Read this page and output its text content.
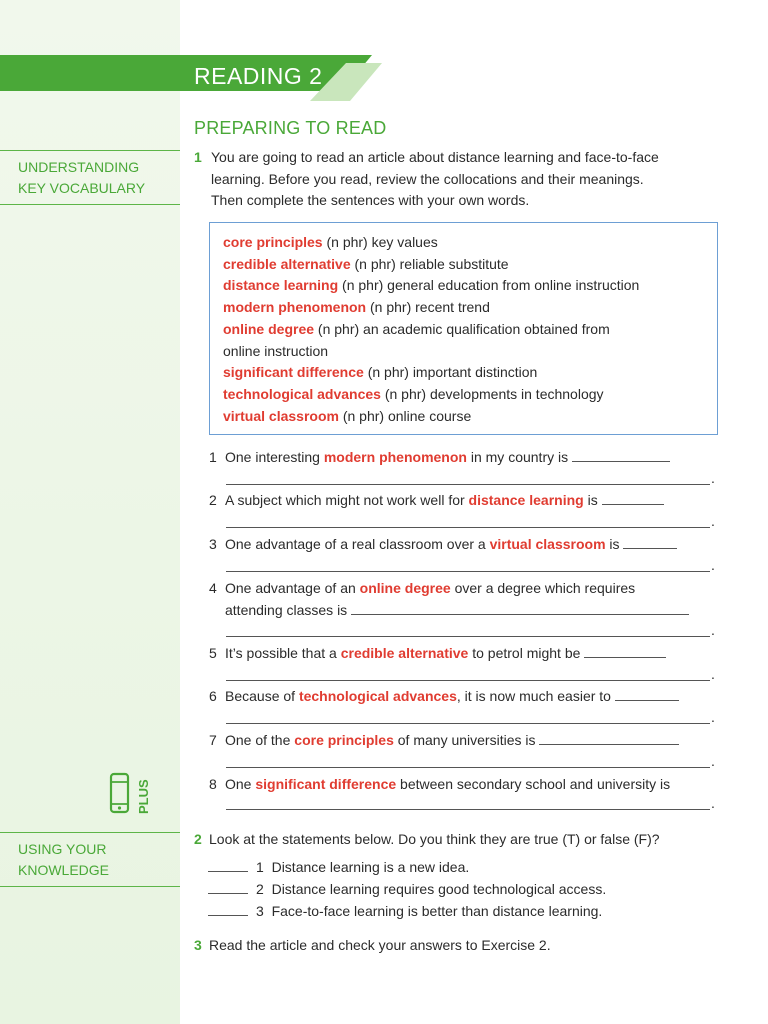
READING 2
PREPARING TO READ
UNDERSTANDING
KEY VOCABULARY
USING YOUR
KNOWLEDGE
PLUS
1 You are going to read an article about distance learning and face-to-face
learning. Before you read, review the collocations and their meanings.
Then complete the sentences with your own words.
core principles (n phr) key values
credible alternative (n phr) reliable substitute
distance learning (n phr) general education from online instruction
modern phenomenon (n phr) recent trend
online degree (n phr) an academic qualification obtained from
online instruction
significant difference (n phr) important distinction
technological advances (n phr) developments in technology
virtual classroom (n phr) online course
1 One interesting modern phenomenon in my country is
.
2 A subject which might not work well for distance learning is
.
3 One advantage of a real classroom over a virtual classroom is
.
4 One advantage of an online degree over a degree which requires
attending classes is
.
5 It’s possible that a credible alternative to petrol might be
.
6 Because of technological advances, it is now much easier to
.
7 One of the core principles of many universities is
.
8 One significant difference between secondary school and university is
.
2 Look at the statements below. Do you think they are true (T) or false (F)?
1 Distance learning is a new idea.
2 Distance learning requires good technological access.
3 Face-to-face learning is better than distance learning.
3 Read the article and check your answers to Exercise 2.
